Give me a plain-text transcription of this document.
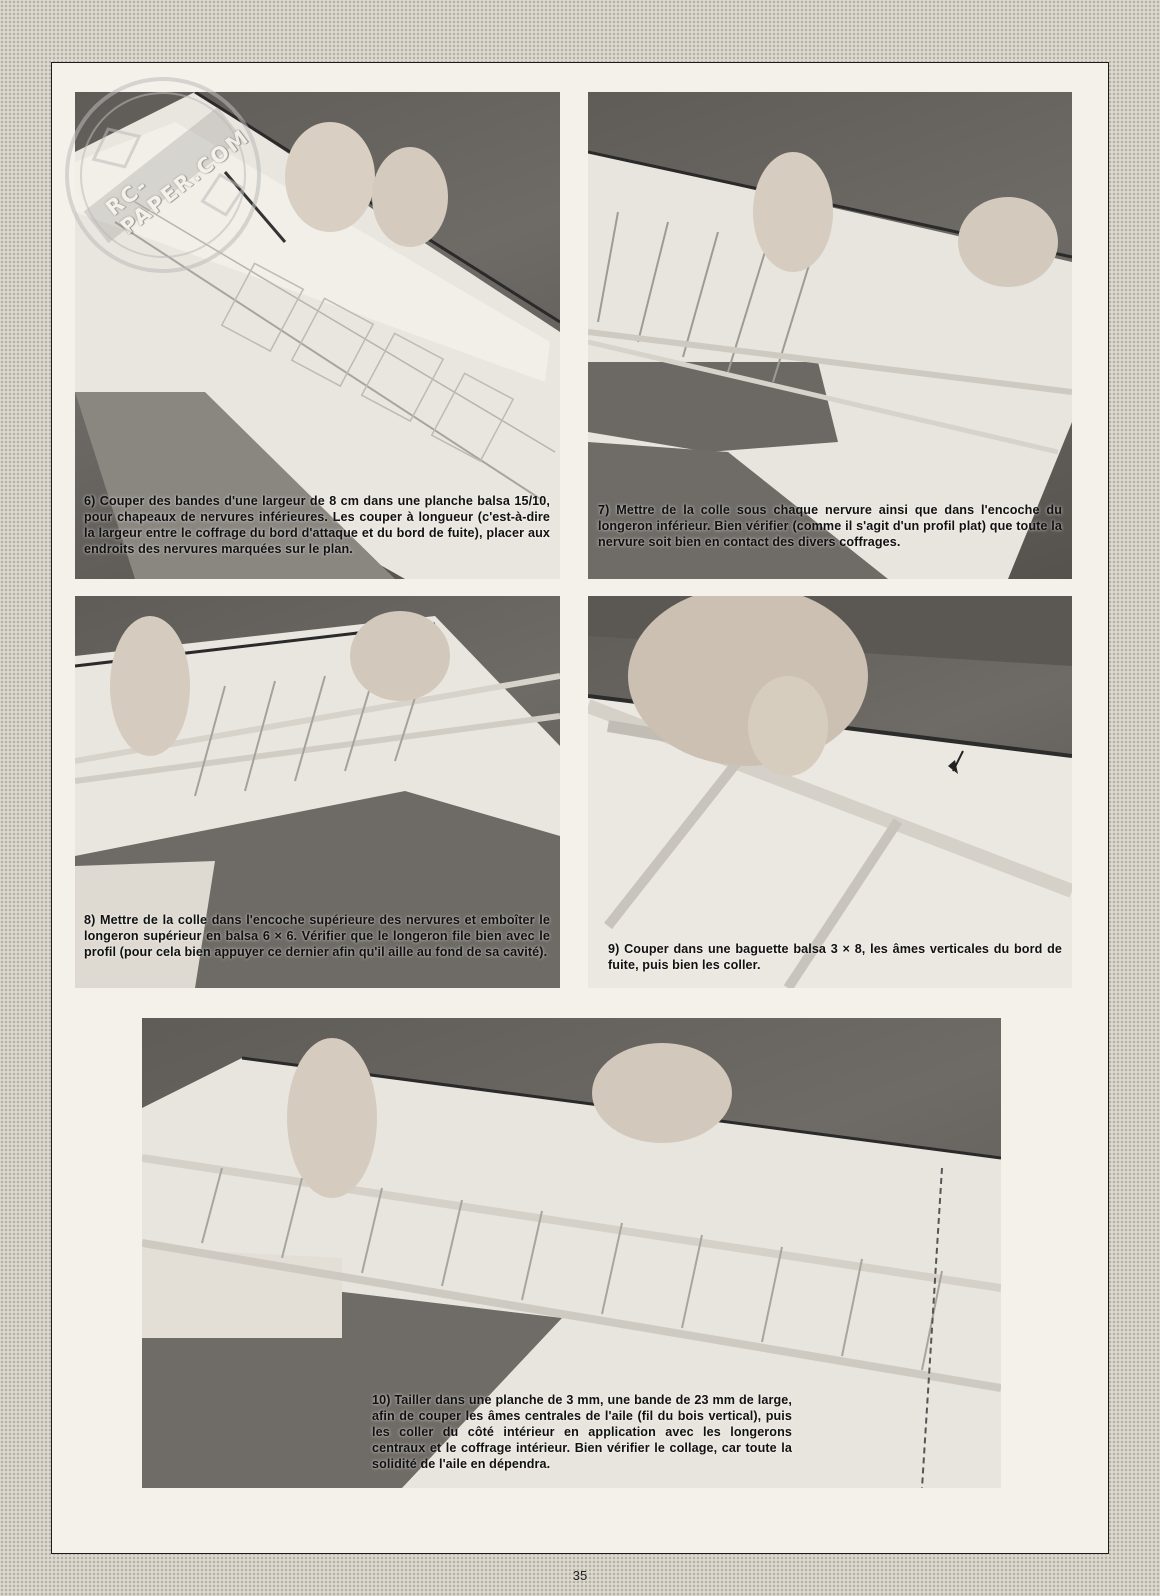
6) Couper des bandes d'une largeur de 8 cm dans une planche balsa 15/10, pour chapeaux de nervures inférieures. Les couper à longueur (c'est-à-dire la largeur entre le coffrage du bord d'attaque et du bord de fuite), placer aux endroits des nervures marquées sur le plan.
7) Mettre de la colle sous chaque nervure ainsi que dans l'encoche du longeron inférieur. Bien vérifier (comme il s'agit d'un profil plat) que toute la nervure soit bien en contact des divers coffrages.
8) Mettre de la colle dans l'encoche supérieure des nervures et emboîter le longeron supérieur en balsa 6 × 6. Vérifier que le longeron file bien avec le profil (pour cela bien appuyer ce dernier afin qu'il aille au fond de sa cavité).	9) Couper dans une baguette balsa 3 × 8, les âmes verticales du bord de fuite, puis bien les coller.
10) Tailler dans une planche de 3 mm, une bande de 23 mm de large, afin de couper les âmes centrales de l'aile (fil du bois vertical), puis les coller du côté intérieur en application avec les longerons centraux et le coffrage intérieur. Bien vérifier le collage, car toute la solidité de l'aile en dépendra.
RC-PAPER.COM
35
